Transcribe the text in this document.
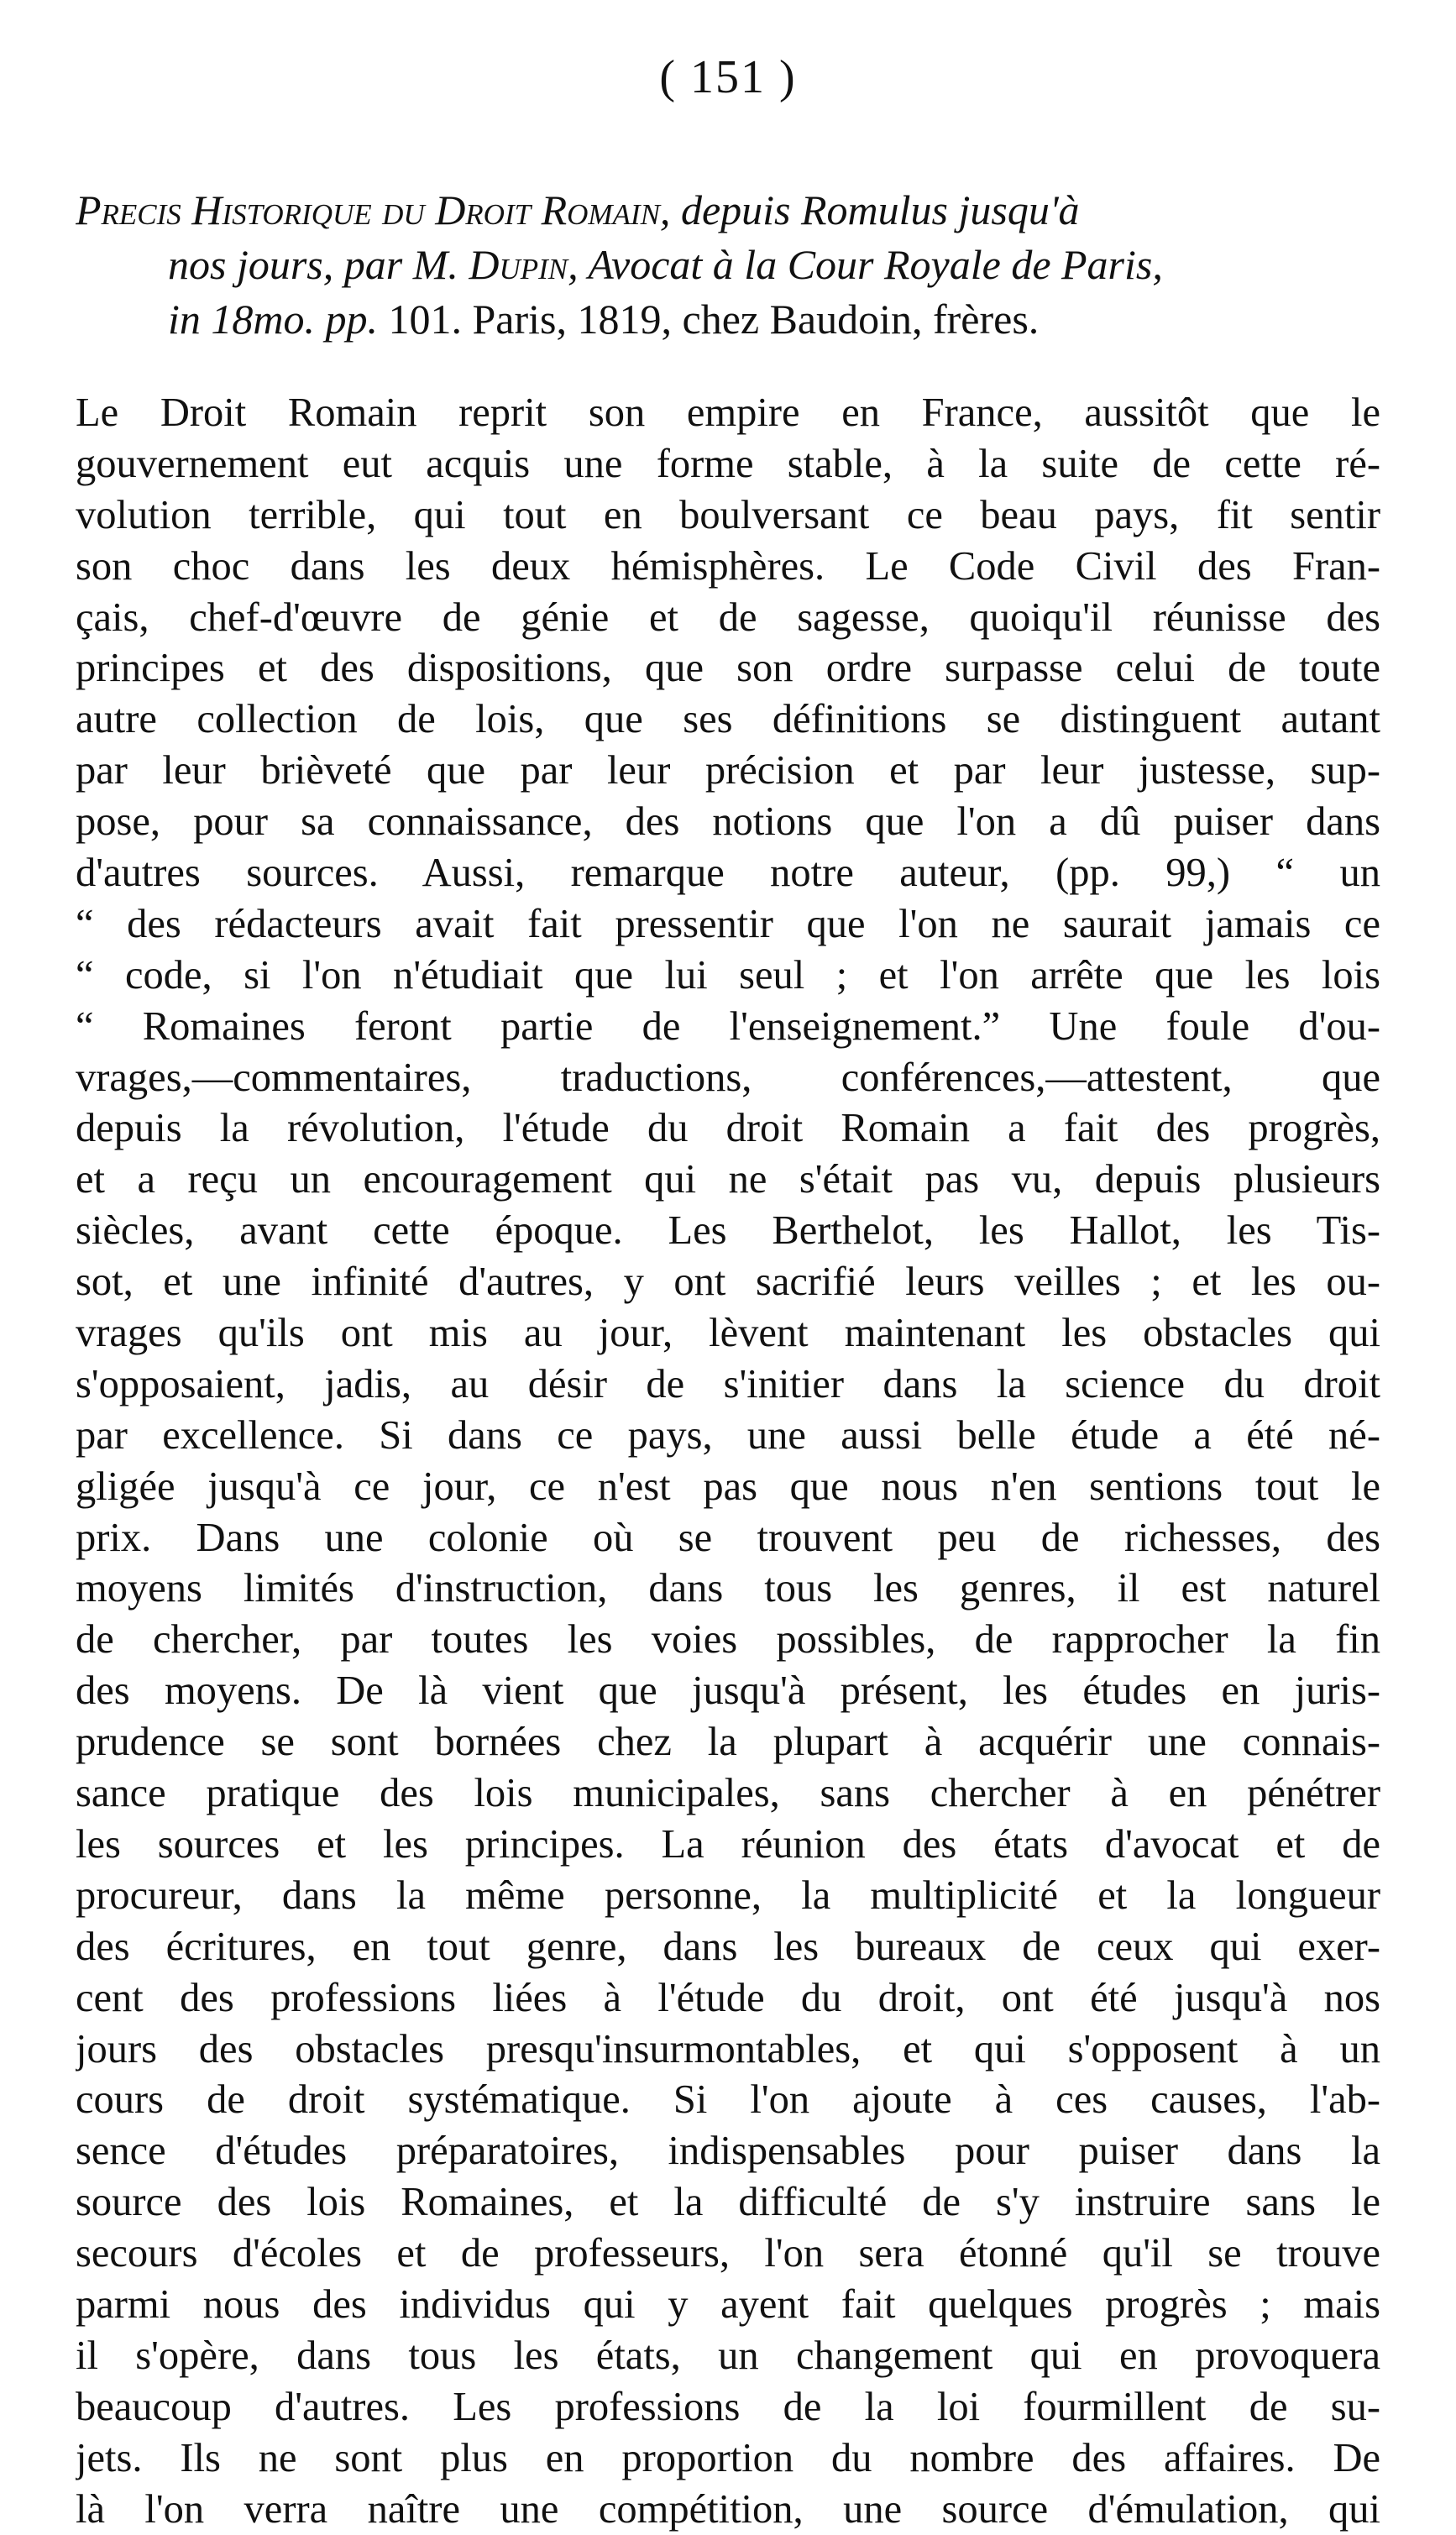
( 151 )
Precis Historique du Droit Romain, depuis Romulus jusqu'à
nos jours, par M. Dupin, Avocat à la Cour Royale de Paris,
in 18mo. pp. 101. Paris, 1819, chez Baudoin, frères.
Le Droit Romain reprit son empire en France, aussitôt que le
gouvernement eut acquis une forme stable, à la suite de cette ré-
volution terrible, qui tout en boulversant ce beau pays, fit sentir
son choc dans les deux hémisphères. Le Code Civil des Fran-
çais, chef-d'œuvre de génie et de sagesse, quoiqu'il réunisse des
principes et des dispositions, que son ordre surpasse celui de toute
autre collection de lois, que ses définitions se distinguent autant
par leur brièveté que par leur précision et par leur justesse, sup-
pose, pour sa connaissance, des notions que l'on a dû puiser dans
d'autres sources. Aussi, remarque notre auteur, (pp. 99,) “ un
“ des rédacteurs avait fait pressentir que l'on ne saurait jamais ce
“ code, si l'on n'étudiait que lui seul ; et l'on arrête que les lois
“ Romaines feront partie de l'enseignement.” Une foule d'ou-
vrages,—commentaires, traductions, conférences,—attestent, que
depuis la révolution, l'étude du droit Romain a fait des progrès,
et a reçu un encouragement qui ne s'était pas vu, depuis plusieurs
siècles, avant cette époque. Les Berthelot, les Hallot, les Tis-
sot, et une infinité d'autres, y ont sacrifié leurs veilles ; et les ou-
vrages qu'ils ont mis au jour, lèvent maintenant les obstacles qui
s'opposaient, jadis, au désir de s'initier dans la science du droit
par excellence. Si dans ce pays, une aussi belle étude a été né-
gligée jusqu'à ce jour, ce n'est pas que nous n'en sentions tout le
prix. Dans une colonie où se trouvent peu de richesses, des
moyens limités d'instruction, dans tous les genres, il est naturel
de chercher, par toutes les voies possibles, de rapprocher la fin
des moyens. De là vient que jusqu'à présent, les études en juris-
prudence se sont bornées chez la plupart à acquérir une connais-
sance pratique des lois municipales, sans chercher à en pénétrer
les sources et les principes. La réunion des états d'avocat et de
procureur, dans la même personne, la multiplicité et la longueur
des écritures, en tout genre, dans les bureaux de ceux qui exer-
cent des professions liées à l'étude du droit, ont été jusqu'à nos
jours des obstacles presqu'insurmontables, et qui s'opposent à un
cours de droit systématique. Si l'on ajoute à ces causes, l'ab-
sence d'études préparatoires, indispensables pour puiser dans la
source des lois Romaines, et la difficulté de s'y instruire sans le
secours d'écoles et de professeurs, l'on sera étonné qu'il se trouve
parmi nous des individus qui y ayent fait quelques progrès ; mais
il s'opère, dans tous les états, un changement qui en provoquera
beaucoup d'autres. Les professions de la loi fourmillent de su-
jets. Ils ne sont plus en proportion du nombre des affaires. De
là l'on verra naître une compétition, une source d'émulation, qui
